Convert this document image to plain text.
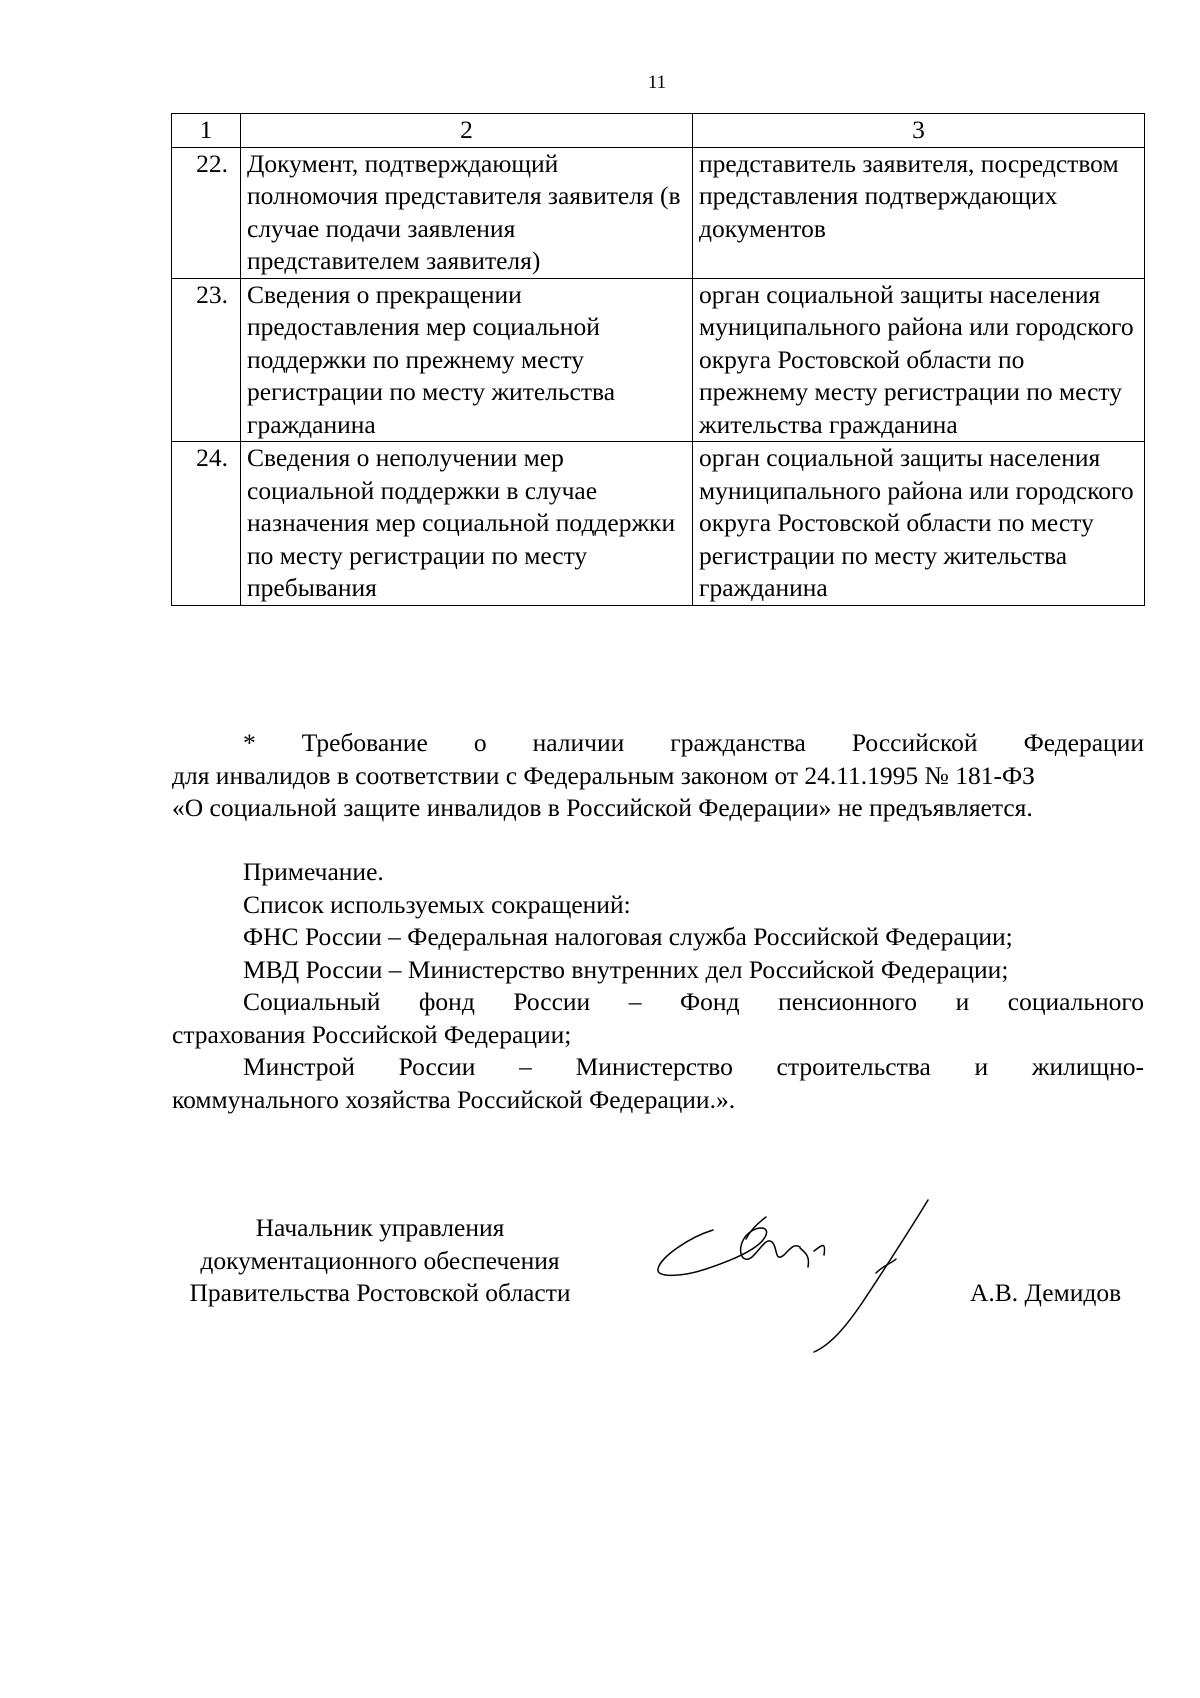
11
1	2	3
22.	Документ, подтверждающий полномочия представителя заявителя (в случае подачи заявления представителем заявителя)	представитель заявителя, посредством представления подтверждающих документов
23.	Сведения о прекращении предоставления мер социальной поддержки по прежнему месту регистрации по месту жительства гражданина	орган социальной защиты населения муниципального района или городского округа Ростовской области по прежнему месту регистрации по месту жительства гражданина
24.	Сведения о неполучении мер социальной поддержки в случае назначения мер социальной поддержки по месту регистрации по месту пребывания	орган социальной защиты населения муниципального района или городского округа Ростовской области по месту регистрации по месту жительства гражданина

* Требование о наличии гражданства Российской Федерации

для инвалидов в соответствии с Федеральным законом от 24.11.1995 № 181-ФЗ

«О социальной защите инвалидов в Российской Федерации» не предъявляется.

Примечание.

Список используемых сокращений:

ФНС России – Федеральная налоговая служба Российской Федерации;

МВД России – Министерство внутренних дел Российской Федерации;

Социальный фонд России – Фонд пенсионного и социального

страхования Российской Федерации;

Минстрой России – Министерство строительства и жилищно-

коммунального хозяйства Российской Федерации.».

Начальник управления
документационного обеспечения
Правительства Ростовской области	А.В. Демидов
